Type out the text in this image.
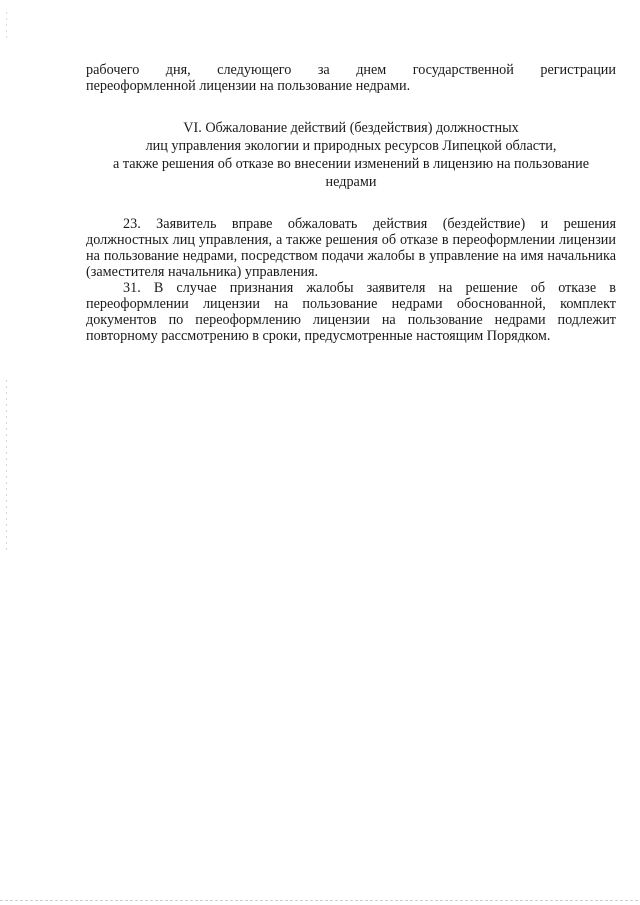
рабочего дня, следующего за днем государственной регистрации

переоформленной лицензии на пользование недрами.

VI. Обжалование действий (бездействия) должностных
лиц управления экологии и природных ресурсов Липецкой области,
а также решения об отказе во внесении изменений в лицензию на пользование
недрами

23. Заявитель вправе обжаловать действия (бездействие) и решения должностных лиц управления, а также решения об отказе в переоформлении лицензии на пользование недрами, посредством подачи жалобы в управление на имя начальника (заместителя начальника) управления.

31. В случае признания жалобы заявителя на решение об отказе в переоформлении лицензии на пользование недрами обоснованной, комплект документов по переоформлению лицензии на пользование недрами подлежит повторному рассмотрению в сроки, предусмотренные настоящим Порядком.
